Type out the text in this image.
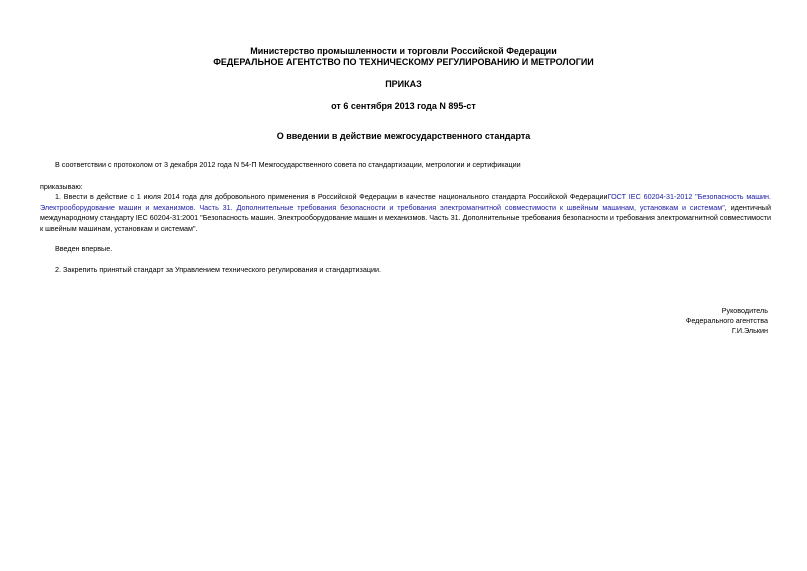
Министерство промышленности и торговли Российской Федерации
ФЕДЕРАЛЬНОЕ АГЕНТСТВО ПО ТЕХНИЧЕСКОМУ РЕГУЛИРОВАНИЮ И МЕТРОЛОГИИ
ПРИКАЗ
от 6 сентября 2013 года N 895-ст
О введении в действие межгосударственного стандарта
В соответствии с протоколом от 3 декабря 2012 года N 54-П Межгосударственного совета по стандартизации, метрологии и сертификации
приказываю:
1. Ввести в действие с 1 июля 2014 года для добровольного применения в Российской Федерации в качестве национального стандарта Российской ФедерацииГОСТ IEC 60204-31-2012 "Безопасность машин. Электрооборудование машин и механизмов. Часть 31. Дополнительные требования безопасности и требования электромагнитной совместимости к швейным машинам, установкам и системам", идентичный международному стандарту IEC 60204-31:2001 "Безопасность машин. Электрооборудование машин и механизмов. Часть 31. Дополнительные требования безопасности и требования электромагнитной совместимости к швейным машинам, установкам и системам".
Введен впервые.
2. Закрепить принятый стандарт за Управлением технического регулирования и стандартизации.
Руководитель
Федерального агентства
Г.И.Элькин
